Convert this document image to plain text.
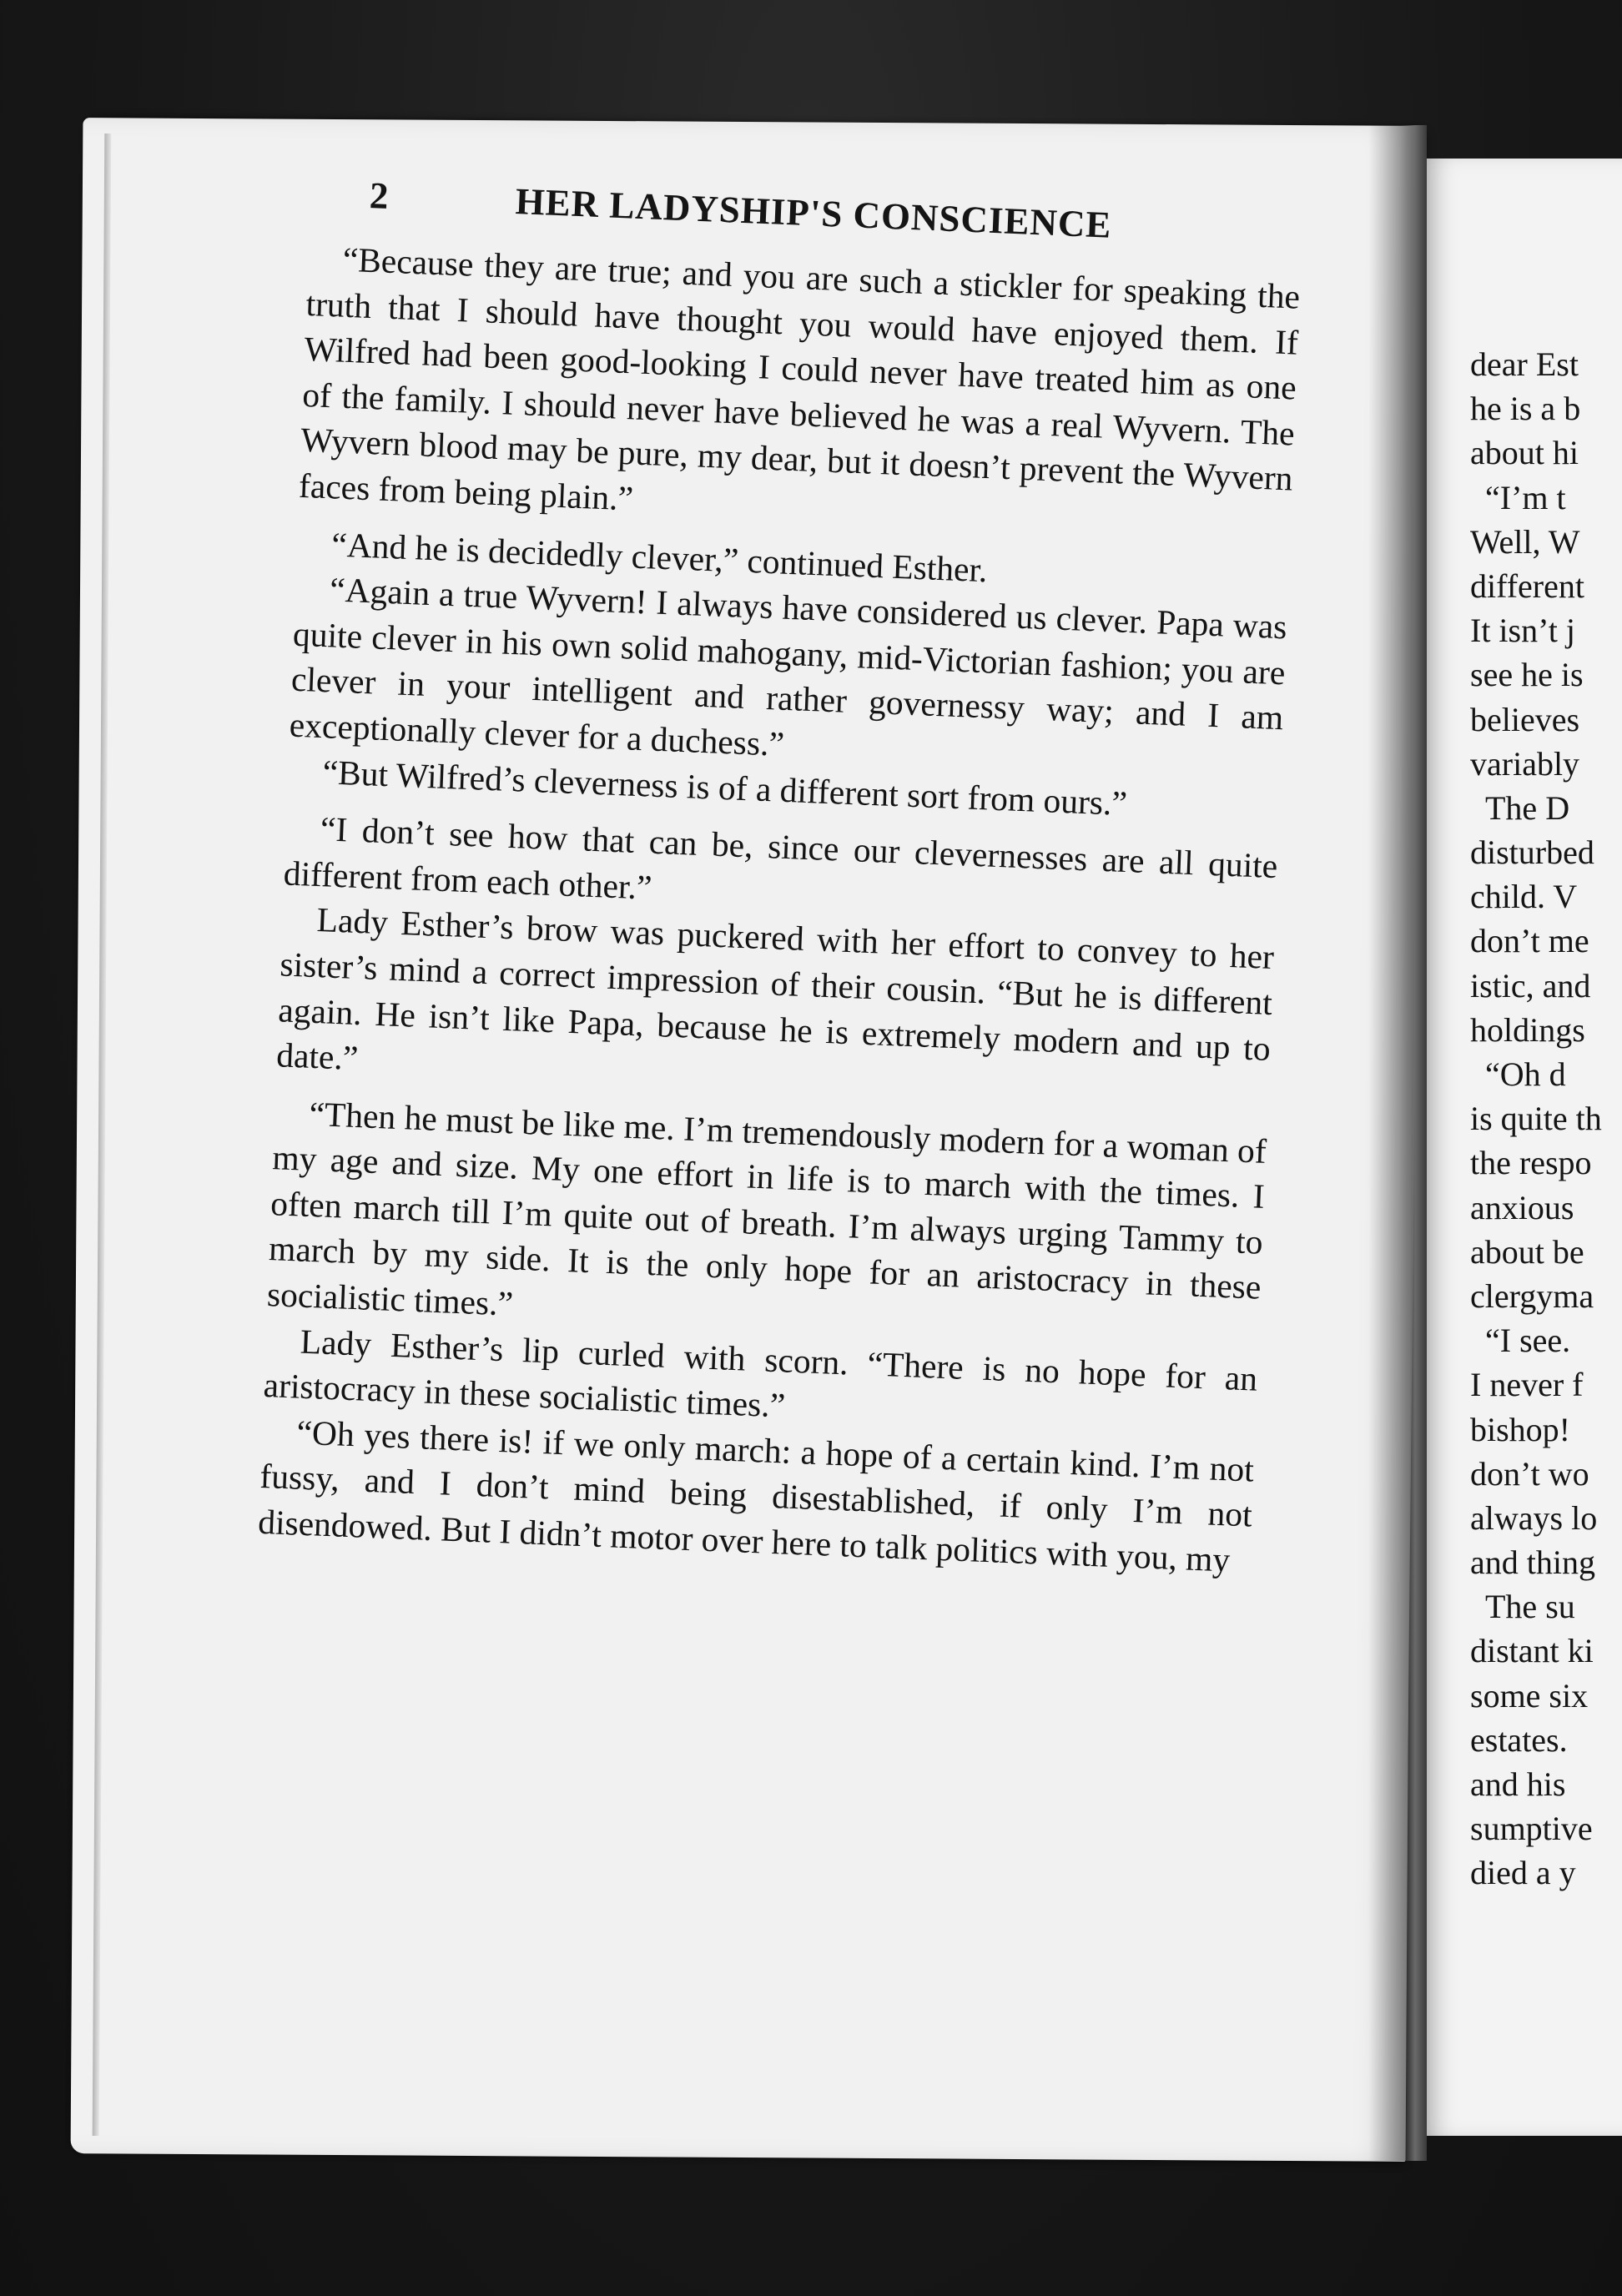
2	HER LADYSHIP'S CONSCIENCE

“Because they are true; and you are such a stickler for speaking the truth that I should have thought you would have enjoyed them. If Wilfred had been good-looking I could never have treated him as one of the family. I should never have believed he was a real Wyvern. The Wyvern blood may be pure, my dear, but it doesn’t prevent the Wyvern faces from being plain.”

“And he is decidedly clever,” continued Esther.

“Again a true Wyvern! I always have considered us clever. Papa was quite clever in his own solid mahogany, mid-Victorian fashion; you are clever in your intelligent and rather governessy way; and I am exceptionally clever for a duchess.”

“But Wilfred’s cleverness is of a different sort from ours.”

“I don’t see how that can be, since our clevernesses are all quite different from each other.”

Lady Esther’s brow was puckered with her effort to convey to her sister’s mind a correct impression of their cousin. “But he is different again. He isn’t like Papa, because he is extremely modern and up to date.”

“Then he must be like me. I’m tremendously modern for a woman of my age and size. My one effort in life is to march with the times. I often march till I’m quite out of breath. I’m always urging Tammy to march by my side. It is the only hope for an aristocracy in these socialistic times.”

Lady Esther’s lip curled with scorn. “There is no hope for an aristocracy in these socialistic times.”

“Oh yes there is! if we only march: a hope of a certain kind. I’m not fussy, and I don’t mind being disestablished, if only I’m not disendowed. But I didn’t motor over here to talk politics with you, my

dear Est
he is a b
about hi
“I’m t
Well, W
different
It isn’t j
see he is
believes
variably
The D
disturbed
child. V
don’t me
istic, and
holdings
“Oh d
is quite th
the respo
anxious
about be
clergyma
“I see.
I never f
bishop!
don’t wo
always lo
and thing
The su
distant ki
some six
estates.
and his
sumptive
died a y
